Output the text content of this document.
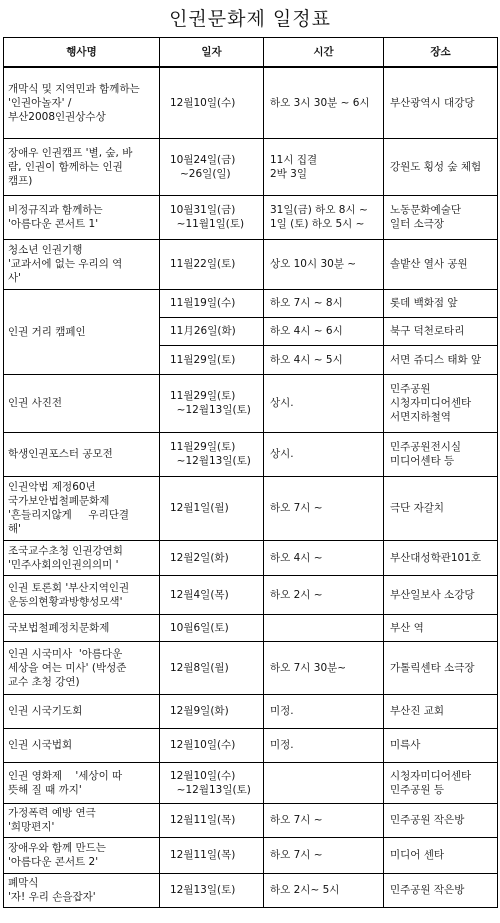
인권문화제 일정표
행사명	일자	시간	장소

개막식 및 지역민과 함께하는
'인권아놀자' /
부산2008인권상수상	12월10일(수)	하오 3시 30분 ~ 6시	부산광역시 대강당

장애우 인권캠프 '별, 숲, 바
람, 인권이 함께하는 인권
캠프)	10월24일(금)
~26일(일)	11시 집결
2박 3일	강원도 횡성 숲 체험

비정규직과 함께하는
'아름다운 콘서트 1'	10월31일(금)
~11월1일(토)	31일(금) 하오 8시 ~
1일 (토) 하오 5시 ~	노동문화예술단
일터 소극장

청소년 인권기행
'교과서에 없는 우리의 역
사'	11월22일(토)	상오 10시 30분 ~	솔밭산 열사 공원

인권 거리 캠페인	11월19일(수)	하오 7시 ~ 8시	롯데 백화점 앞

	11月26일(화)	하오 4시 ~ 6시	북구 덕천로타리

	11월29일(토)	하오 4시 ~ 5시	서면 쥬디스 태화 앞

인권 사진전	11월29일(토)
~12월13일(토)	상시.	민주공원
시청자미디어센타
서면지하철역

학생인권포스터 공모전	11월29일(토)
~12월13일(토)	상시.	민주공원전시실
미디어센타 등

인권악법 제정60년
국가보안법철폐문화제
'흔들리지않게     우리단결
해'	12월1일(월)	하오 7시 ~	극단 자갈치

조국교수초청 인권강연회
'민주사회의인권의의미 '	12월2일(화)	하오 4시 ~	부산대성학관101호

인권 토론회 '부산지역인권
운동의현황과방향성모색'	12월4일(목)	하오 2시 ~	부산일보사 소강당

국보법철폐정치문화제	10월6일(토)		부산 역

인권 시국미사  '아름다운
세상을 여는 미사' (박성준
교수 초청 강연)	12월8일(월)	하오 7시 30분~	가톨릭센타 소극장

인권 시국기도회	12월9일(화)	미정.	부산진 교회

인권 시국법회	12월10일(수)	미정.	미륵사

인권 영화제    '세상이 따
뜻해 질 때 까지'	12월10일(수)
~12월13일(토)		시청자미디어센타
민주공원 등

가정폭력 예방 연극
'희망편지'	12월11일(목)	하오 7시 ~	민주공원 작은방

장애우와 함께 만드는
'아름다운 콘서트 2'	12월11일(목)	하오 7시 ~	미디어 센타

폐막식
'자! 우리 손을잡자'	12월13일(토)	하오 2시~ 5시	민주공원 작은방
